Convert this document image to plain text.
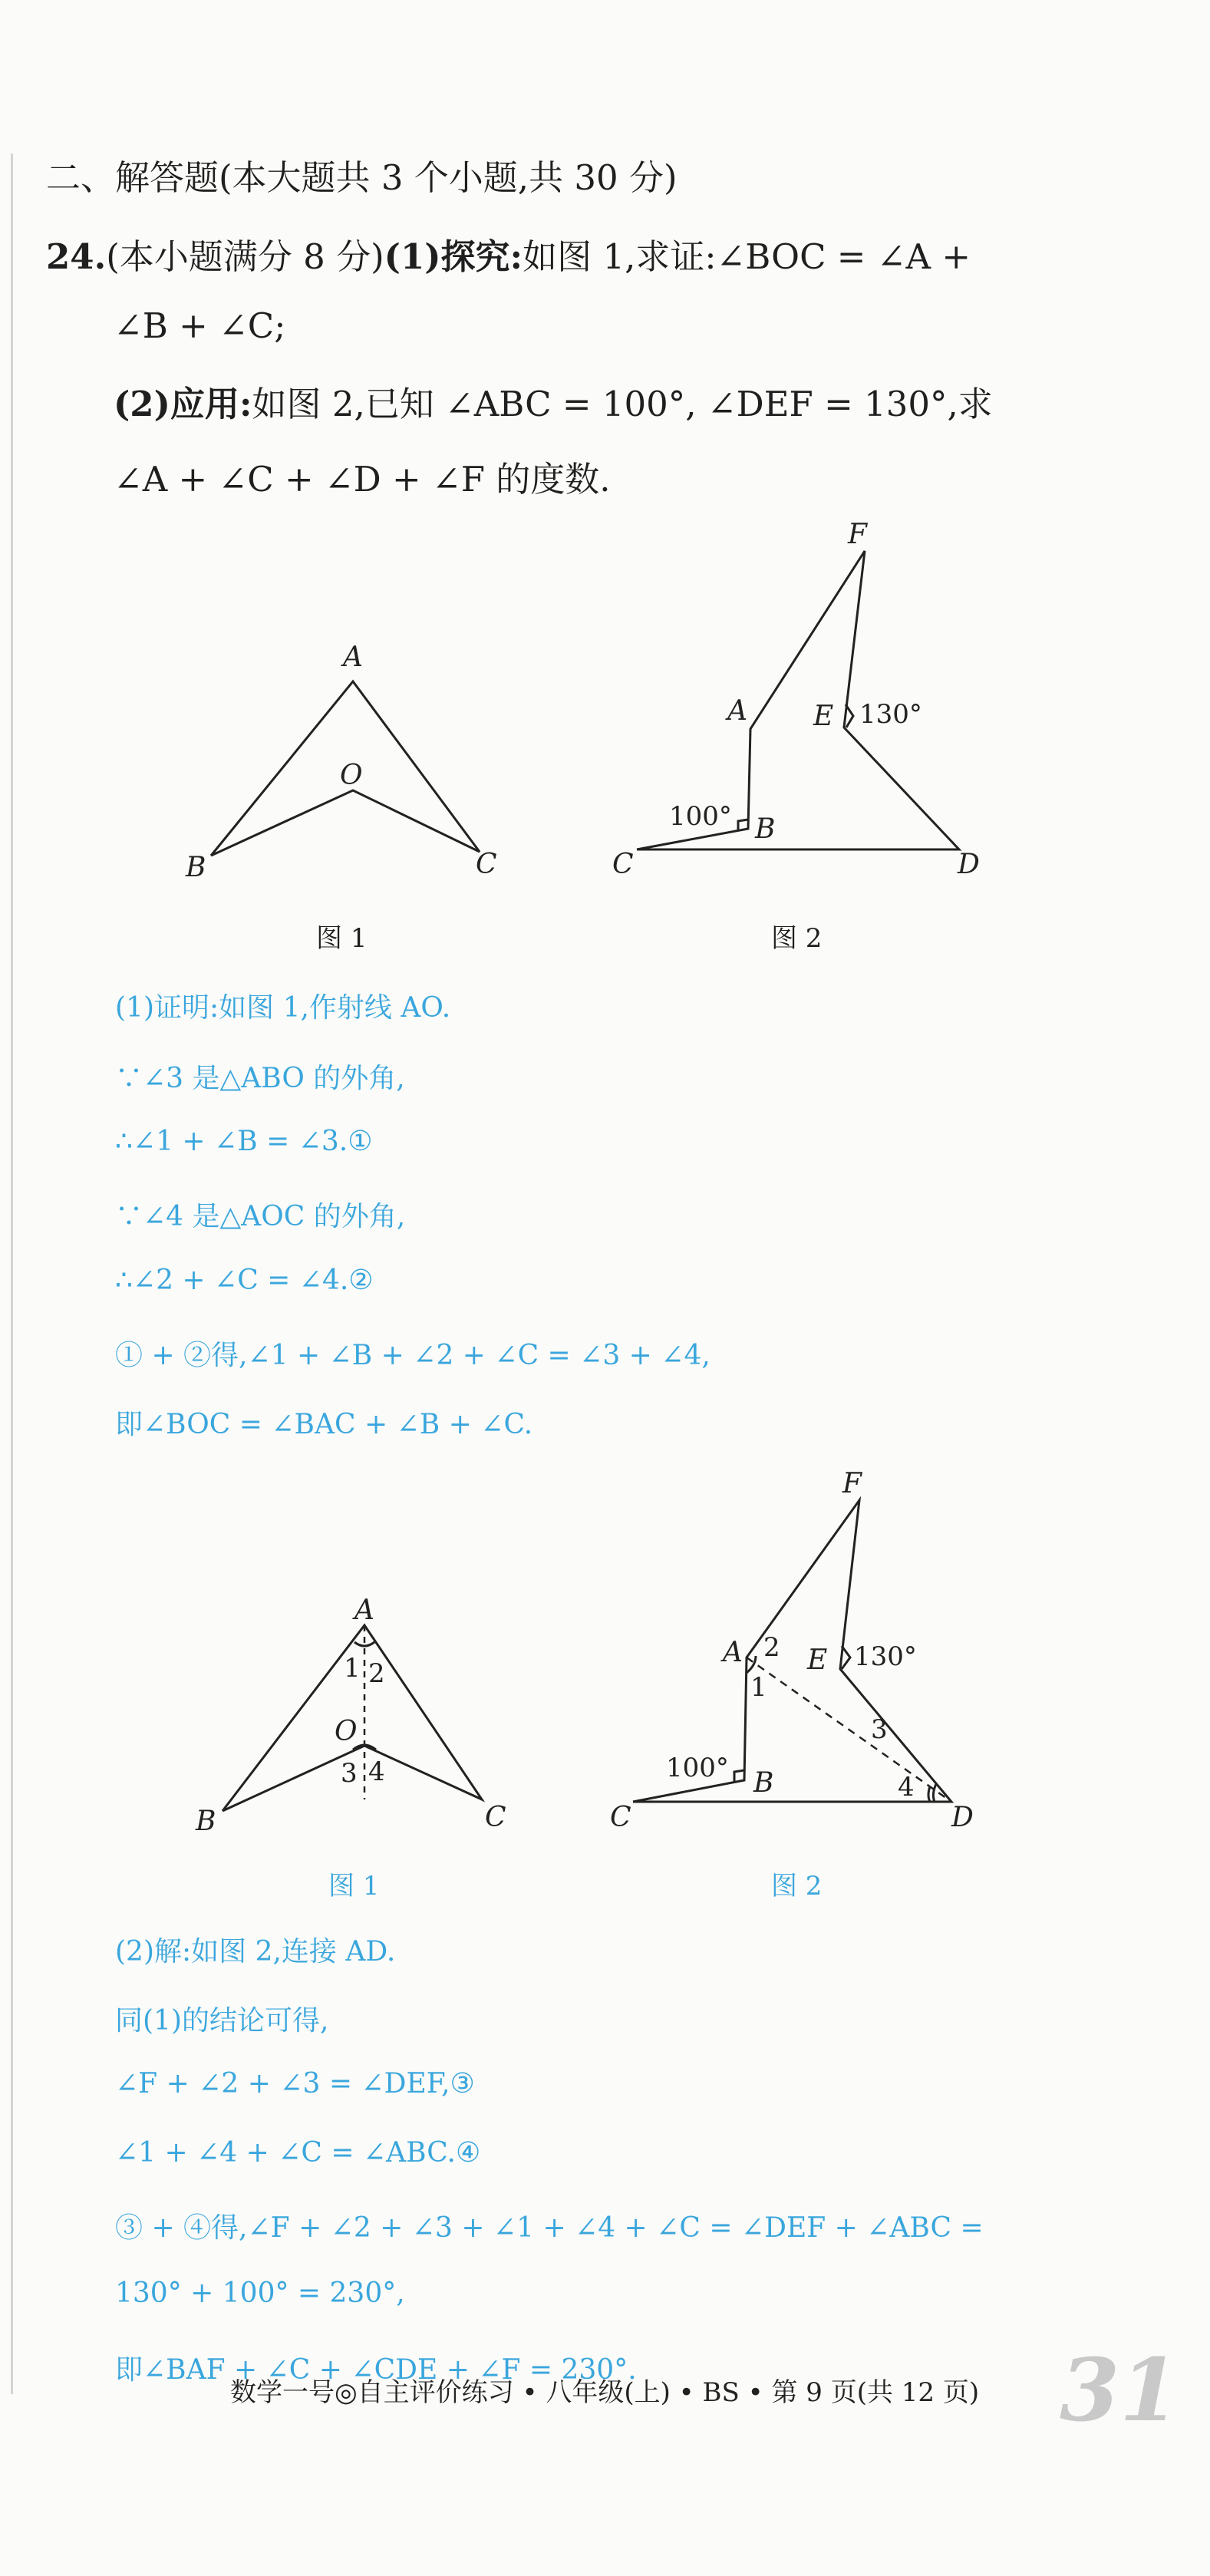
二、解答题(本大题共 3 个小题,共 30 分)
24.(本小题满分 8 分)(1)探究:如图 1,求证:∠BOC = ∠A +
∠B + ∠C;
(2)应用:如图 2,已知 ∠ABC = 100°, ∠DEF = 130°,求
∠A + ∠C + ∠D + ∠F 的度数.
A
O
B	C
F
A E
B
C	D
130°
100°
图 1	图 2
(1)证明:如图 1,作射线 AO.
∵∠3 是△ABO 的外角,
∴∠1 + ∠B = ∠3.①
∵∠4 是△AOC 的外角,
∴∠2 + ∠C = ∠4.②
① + ②得,∠1 + ∠B + ∠2 + ∠C = ∠3 + ∠4,
即∠BOC = ∠BAC + ∠B + ∠C.
A
O
B	C
1 2
3 4
F
A E
B
C	D
130°
100°
1
2
3
4
图 1	图 2
(2)解:如图 2,连接 AD.
同(1)的结论可得,
∠F + ∠2 + ∠3 = ∠DEF,③
∠1 + ∠4 + ∠C = ∠ABC.④
③ + ④得,∠F + ∠2 + ∠3 + ∠1 + ∠4 + ∠C = ∠DEF + ∠ABC =
130° + 100° = 230°,
即∠BAF + ∠C + ∠CDE + ∠F = 230°.
数学一号◎自主评价练习 • 八年级(上) • BS • 第 9 页(共 12 页) 31
